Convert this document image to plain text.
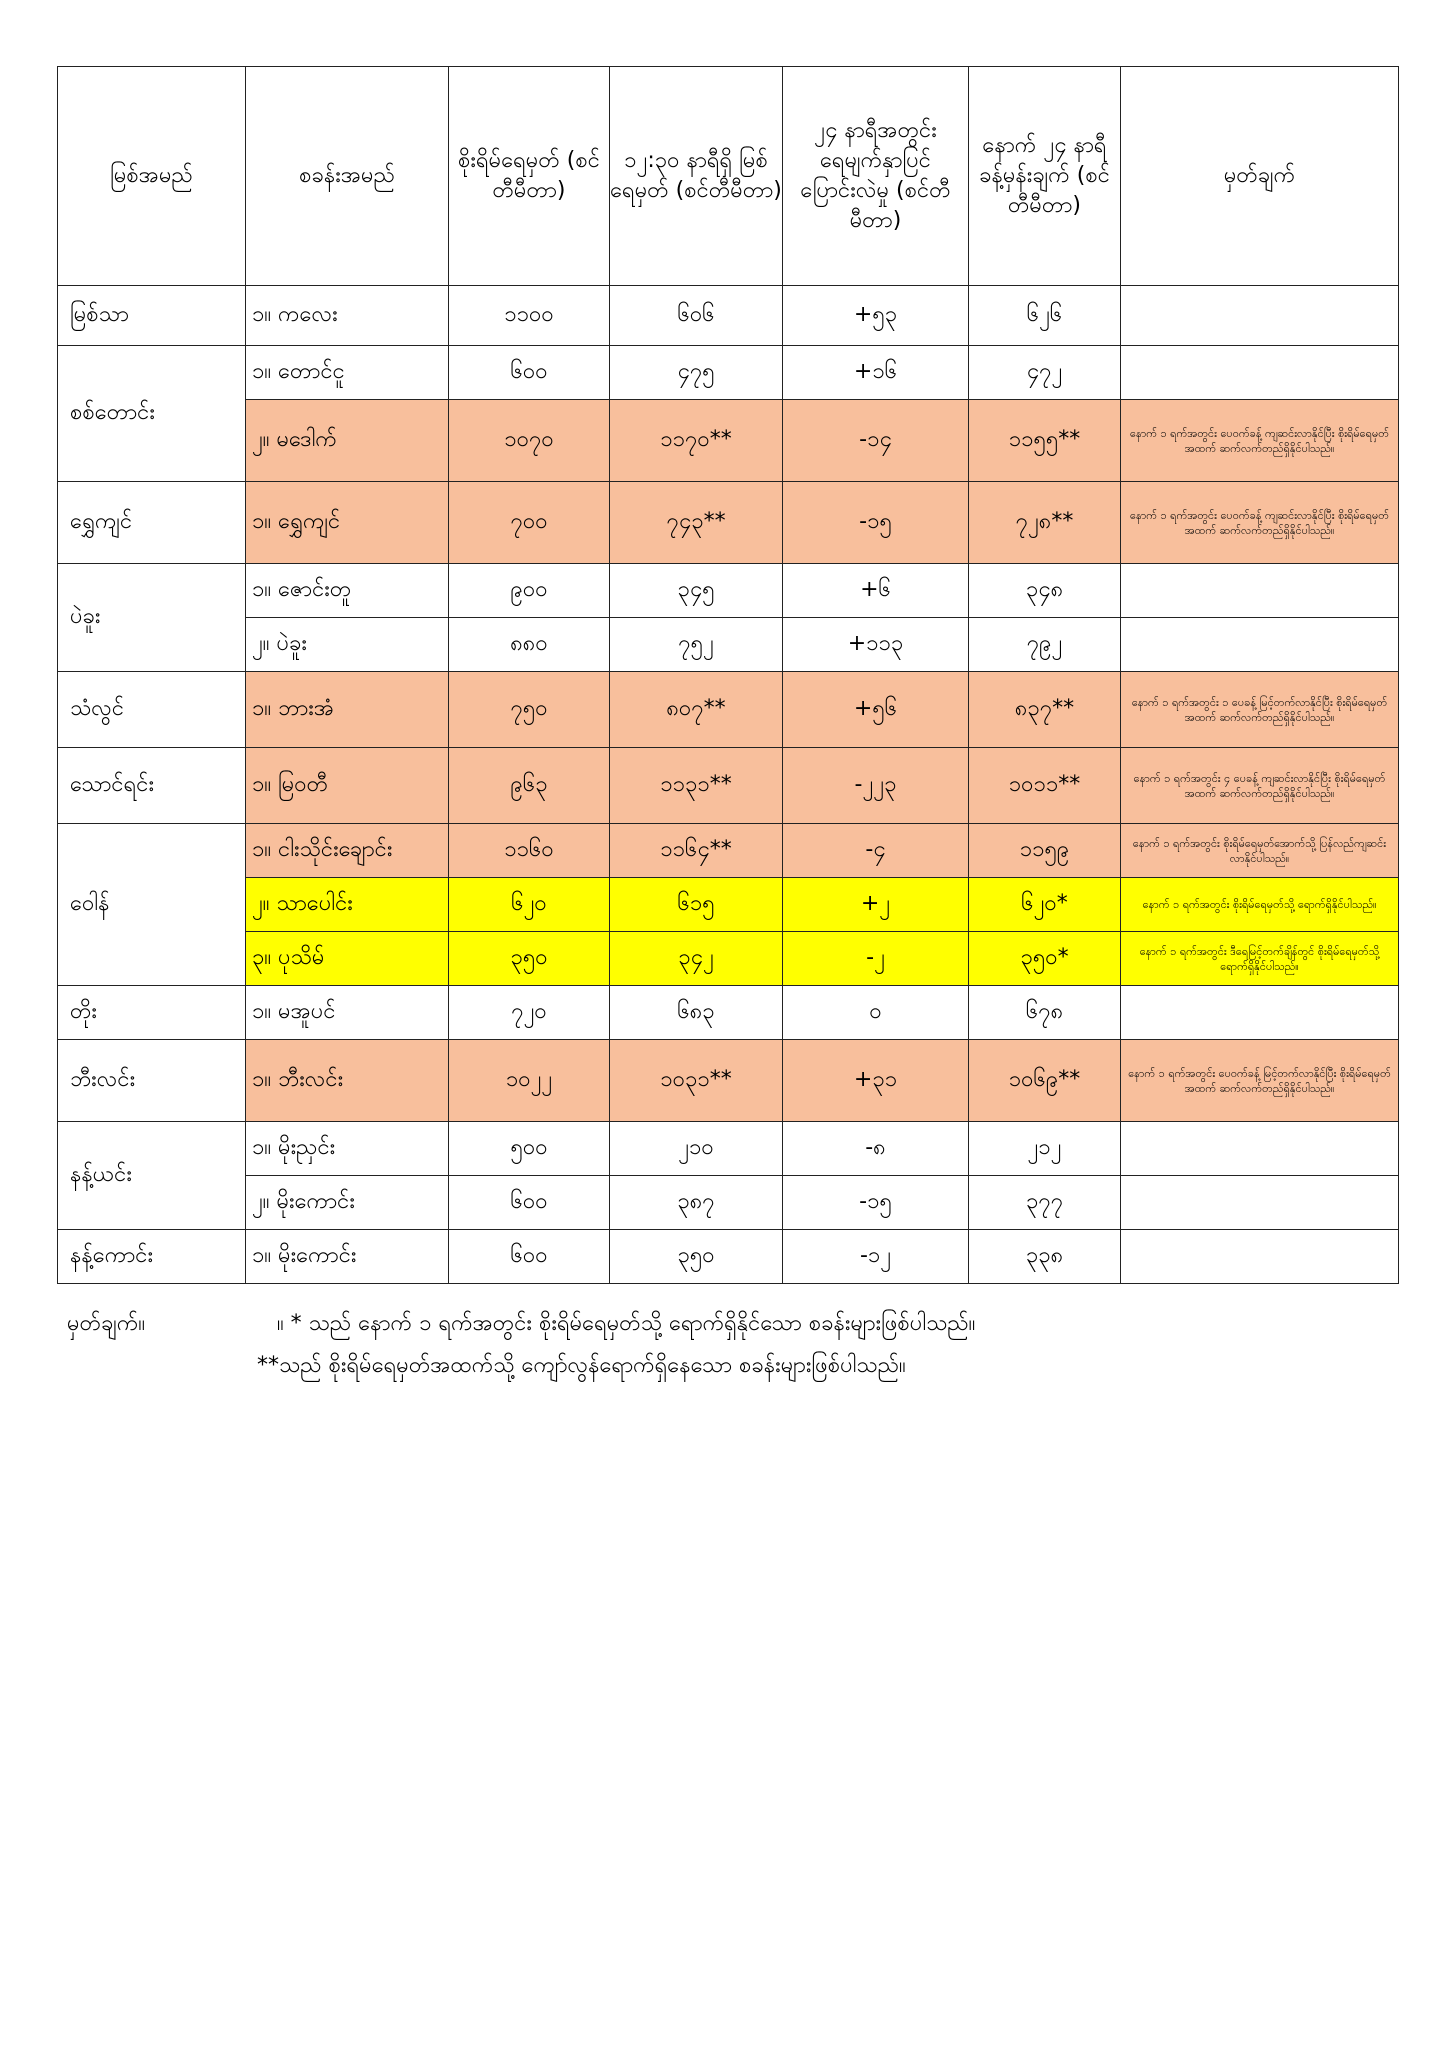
မြစ်အမည်	စခန်းအမည်	စိုးရိမ်ရေမှတ် (စင်တီမီတာ)	၁၂:၃၀ နာရီရှိ မြစ်ရေမှတ် (စင်တီမီတာ)	၂၄ နာရီအတွင်း ရေမျက်နှာပြင် ပြောင်းလဲမှု (စင်တီမီတာ)	နောက် ၂၄ နာရီ ခန့်မှန်းချက် (စင်တီမီတာ)	မှတ်ချက်
မြစ်သာ	၁။ ကလေး	၁၁၀၀	၆၀၆	+၅၃	၆၂၆	
စစ်တောင်း	၁။ တောင်ငူ	၆၀၀	၄၇၅	+၁၆	၄၇၂	
	၂။ မဒေါက်	၁၀၇၀	၁၁၇၀**	-၁၄	၁၁၅၅**	နောက် ၁ ရက်အတွင်း ပေ၀က်ခန့် ကျဆင်းလာနိုင်ပြီး စိုးရိမ်ရေမှတ်အထက် ဆက်လက်တည်ရှိနိုင်ပါသည်။
ရွှေကျင်	၁။ ရွှေကျင်	၇၀၀	၇၄၃**	-၁၅	၇၂၈**	နောက် ၁ ရက်အတွင်း ပေ၀က်ခန့် ကျဆင်းလာနိုင်ပြီး စိုးရိမ်ရေမှတ်အထက် ဆက်လက်တည်ရှိနိုင်ပါသည်။
ပဲခူး	၁။ ဇောင်းတူ	၉၀၀	၃၄၅	+၆	၃၄၈	
	၂။ ပဲခူး	၈၈၀	၇၅၂	+၁၁၃	၇၉၂	
သံလွင်	၁။ ဘားအံ	၇၅၀	၈၀၇**	+၅၆	၈၃၇**	နောက် ၁ ရက်အတွင်း ၁ ပေခန့် မြင့်တက်လာနိုင်ပြီး စိုးရိမ်ရေမှတ်အထက် ဆက်လက်တည်ရှိနိုင်ပါသည်။
သောင်ရင်း	၁။ မြဝတီ	၉၆၃	၁၁၃၁**	-၂၂၃	၁၀၁၁**	နောက် ၁ ရက်အတွင်း ၄ ပေခန့် ကျဆင်းလာနိုင်ပြီး စိုးရိမ်ရေမှတ်အထက် ဆက်လက်တည်ရှိနိုင်ပါသည်။
ဝေါန်	၁။ ငါးသိုင်းချောင်း	၁၁၆၀	၁၁၆၄**	-၄	၁၁၅၉	နောက် ၁ ရက်အတွင်း စိုးရိမ်ရေမှတ်အောက်သို့ ပြန်လည်ကျဆင်းလာနိုင်ပါသည်။
	၂။ သာပေါင်း	၆၂၀	၆၁၅	+၂	၆၂၀*	နောက် ၁ ရက်အတွင်း စိုးရိမ်ရေမှတ်သို့ ရောက်ရှိနိုင်ပါသည်။
	၃။ ပုသိမ်	၃၅၀	၃၄၂	-၂	၃၅၀*	နောက် ၁ ရက်အတွင်း ဒီရေမြင့်တက်ချိန်တွင် စိုးရိမ်ရေမှတ်သို့ ရောက်ရှိနိုင်ပါသည်။
တိုး	၁။ မအူပင်	၇၂၀	၆၈၃	၀	၆၇၈	
ဘီးလင်း	၁။ ဘီးလင်း	၁၀၂၂	၁၀၃၁**	+၃၁	၁၀၆၉**	နောက် ၁ ရက်အတွင်း ပေ၀က်ခန့် မြင့်တက်လာနိုင်ပြီး စိုးရိမ်ရေမှတ်အထက် ဆက်လက်တည်ရှိနိုင်ပါသည်။
နန့်ယင်း	၁။ မိုးညှင်း	၅၀၀	၂၁၀	-၈	၂၁၂	
	၂။ မိုးကောင်း	၆၀၀	၃၈၇	-၁၅	၃၇၇	
နန့်ကောင်း	၁။ မိုးကောင်း	၆၀၀	၃၅၀	-၁၂	၃၃၈	
မှတ်ချက်။	။ * သည် နောက် ၁ ရက်အတွင်း စိုးရိမ်ရေမှတ်သို့ ရောက်ရှိနိုင်သော စခန်းများဖြစ်ပါသည်။
**သည် စိုးရိမ်ရေမှတ်အထက်သို့ ကျော်လွန်ရောက်ရှိနေသော စခန်းများဖြစ်ပါသည်။
